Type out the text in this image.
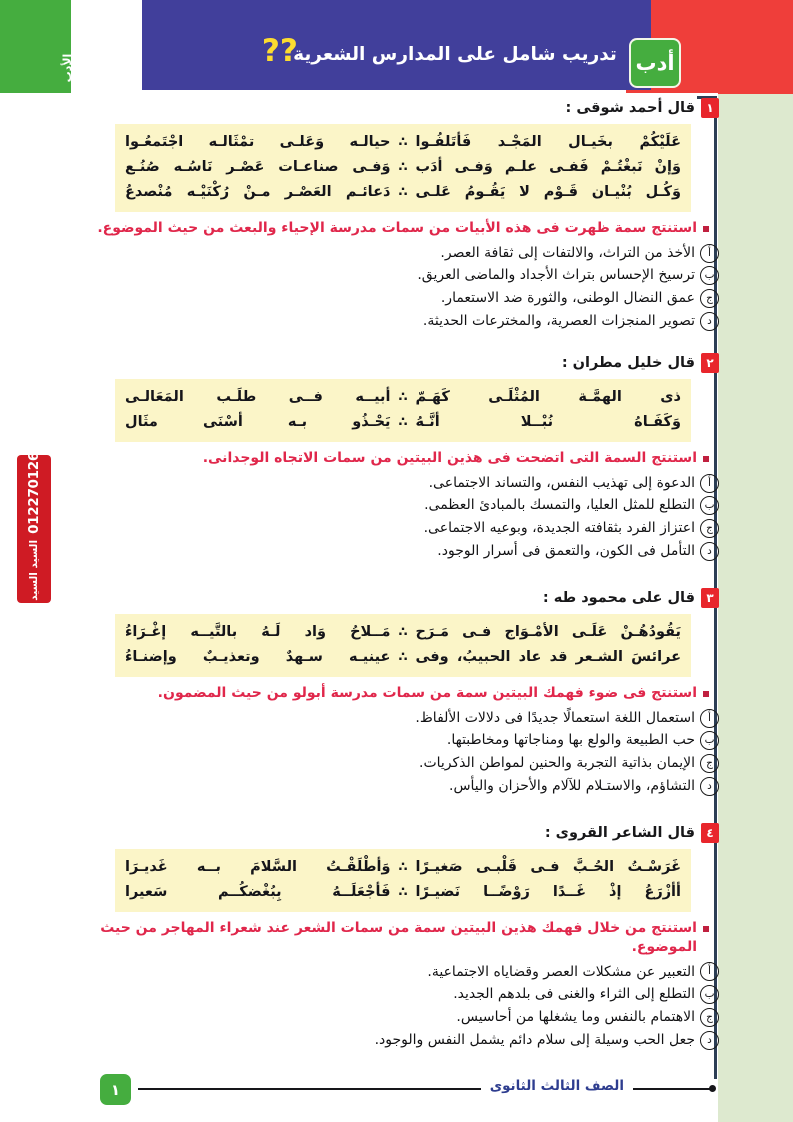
؟؟
تدريب شامل على المدارس الشعرية أدب
الأدب
01227012607
السيد السيد اوى
١
قال أحمد شوقى :
عَلَيْكُمْ بخَيـال المَجْـد فَأتَلفُـوا
∴
حيالـه وَعَلـى تمْثَالـه اجْتَمعُـوا
وَإنْ نَبغْتُـمْ فَفـى علـم وَفـى أدَب
∴
وَفـى صناعـات عَصْـر نَاسُـه صُنُـع
وَكُـل بُنْيـان قَـوْم لا يَقُـومُ عَلـى
∴
دَعائـم العَصْـر مـنْ رُكْنَيْـه مُنْصدعُ
استنتج سمة ظهرت فى هذه الأبيات من سمات مدرسة الإحياء والبعث من حيث الموضوع.
أ
الأخذ من التراث، والالتفات إلى ثقافة العصر.
ب
ترسيخ الإحساس بتراث الأجداد والماضى العريق.
ج
عمق النضال الوطنى، والثورة ضد الاستعمار.
د
تصوير المنجزات العصرية، والمخترعات الحديثة.
٢
قال خليل مطران :
ذى الهمَّـة المُثْلَـى كَهَـمّ
∴
أبيــه فــى طلَـب المَعَالـى
وَكَفَـاهُ نُبْــلا أنَّـهُ
∴
يَحْـذُو بـه أسْنَى مثَال
استنتج السمة التى اتضحت فى هذين البيتين من سمات الاتجاه الوجدانى.
أ
الدعوة إلى تهذيب النفس، والتساند الاجتماعى.
ب
التطلع للمثل العليا، والتمسك بالمبادئ العظمى.
ج
اعتزاز الفرد بثقافته الجديدة، وبوعيه الاجتماعى.
د
التأمل فى الكون، والتعمق فى أسرار الوجود.
٣
قال على محمود طه :
يَقُودُهُـنْ عَلَـى الأمْـوَاج فـى مَـرَح
∴
مَــلاحُ وَاد لَـهُ بالتَّيــه إغْـرَاءُ
عرائسَ الشـعر قد عاد الحبيبُ، وفى
∴
عينيـه سـهدٌ وتعذيـبٌ وإضنـاءُ
استنتج فى ضوء فهمك البيتين سمة من سمات مدرسة أبولو من حيث المضمون.
أ
استعمال اللغة استعمالًا جديدًا فى دلالات الألفاظ.
ب
حب الطبيعة والولع بها ومناجاتها ومخاطبتها.
ج
الإيمان بذاتية التجربة والحنين لمواطن الذكريات.
د
التشاؤم، والاستـلام للآلام والأحزان واليأس.
٤
قال الشاعر القروى :
غَرَسْـتُ الحُـبَّ فـى قَلْبـى صَغيـرًا
∴
وَأطْلَقْـتُ السَّلامَ بــه غَديـرَا
أأزْرَعُ إذْ غَــدًا رَوْضًــا نَضيـرًا
∴
فَأجْعَلَــهُ بِبُغْضكُــم سَعيرا
استنتج من خلال فهمك هذين البيتين سمة من سمات الشعر عند شعراء المهاجر من حيث الموضوع.
أ
التعبير عن مشكلات العصر وقضاياه الاجتماعية.
ب
التطلع إلى الثراء والغنى فى بلدهم الجديد.
ج
الاهتمام بالنفس وما يشغلها من أحاسيس.
د
جعل الحب وسيلة إلى سلام دائم يشمل النفس والوجود.
١	الصف الثالث الثانوى
